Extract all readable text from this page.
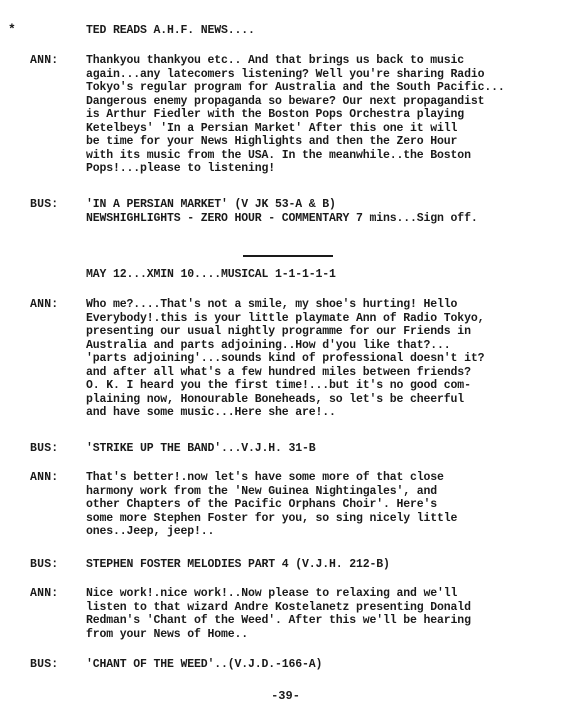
*	TED READS A.H.F. NEWS....
ANN: Thankyou thankyou etc.. And that brings us back to music
again...any latecomers listening? Well you're sharing Radio
Tokyo's regular program for Australia and the South Pacific...
Dangerous enemy propaganda so beware? Our next propagandist
is Arthur Fiedler with the Boston Pops Orchestra playing
Ketelbeys' 'In a Persian Market' After this one it will
be time for your News Highlights and then the Zero Hour
with its music from the USA. In the meanwhile..the Boston
Pops!...please to listening!
BUS: 'IN A PERSIAN MARKET' (V JK 53-A & B)
NEWSHIGHLIGHTS - ZERO HOUR - COMMENTARY 7 mins...Sign off.
MAY 12...XMIN 10....MUSICAL 1-1-1-1-1
ANN: Who me?....That's not a smile, my shoe's hurting! Hello
Everybody!.this is your little playmate Ann of Radio Tokyo,
presenting our usual nightly programme for our Friends in
Australia and parts adjoining..How d'you like that?...
'parts adjoining'...sounds kind of professional doesn't it?
and after all what's a few hundred miles between friends?
O. K. I heard you the first time!...but it's no good com-
plaining now, Honourable Boneheads, so let's be cheerful
and have some music...Here she are!..
BUS: 'STRIKE UP THE BAND'...V.J.H. 31-B
ANN: That's better!.now let's have some more of that close
harmony work from the 'New Guinea Nightingales', and
other Chapters of the Pacific Orphans Choir'. Here's
some more Stephen Foster for you, so sing nicely little
ones..Jeep, jeep!..
BUS: STEPHEN FOSTER MELODIES PART 4 (V.J.H. 212-B)
ANN: Nice work!.nice work!..Now please to relaxing and we'll
listen to that wizard Andre Kostelanetz presenting Donald
Redman's 'Chant of the Weed'. After this we'll be hearing
from your News of Home..
BUS: 'CHANT OF THE WEED'..(V.J.D.-166-A)
-39-
